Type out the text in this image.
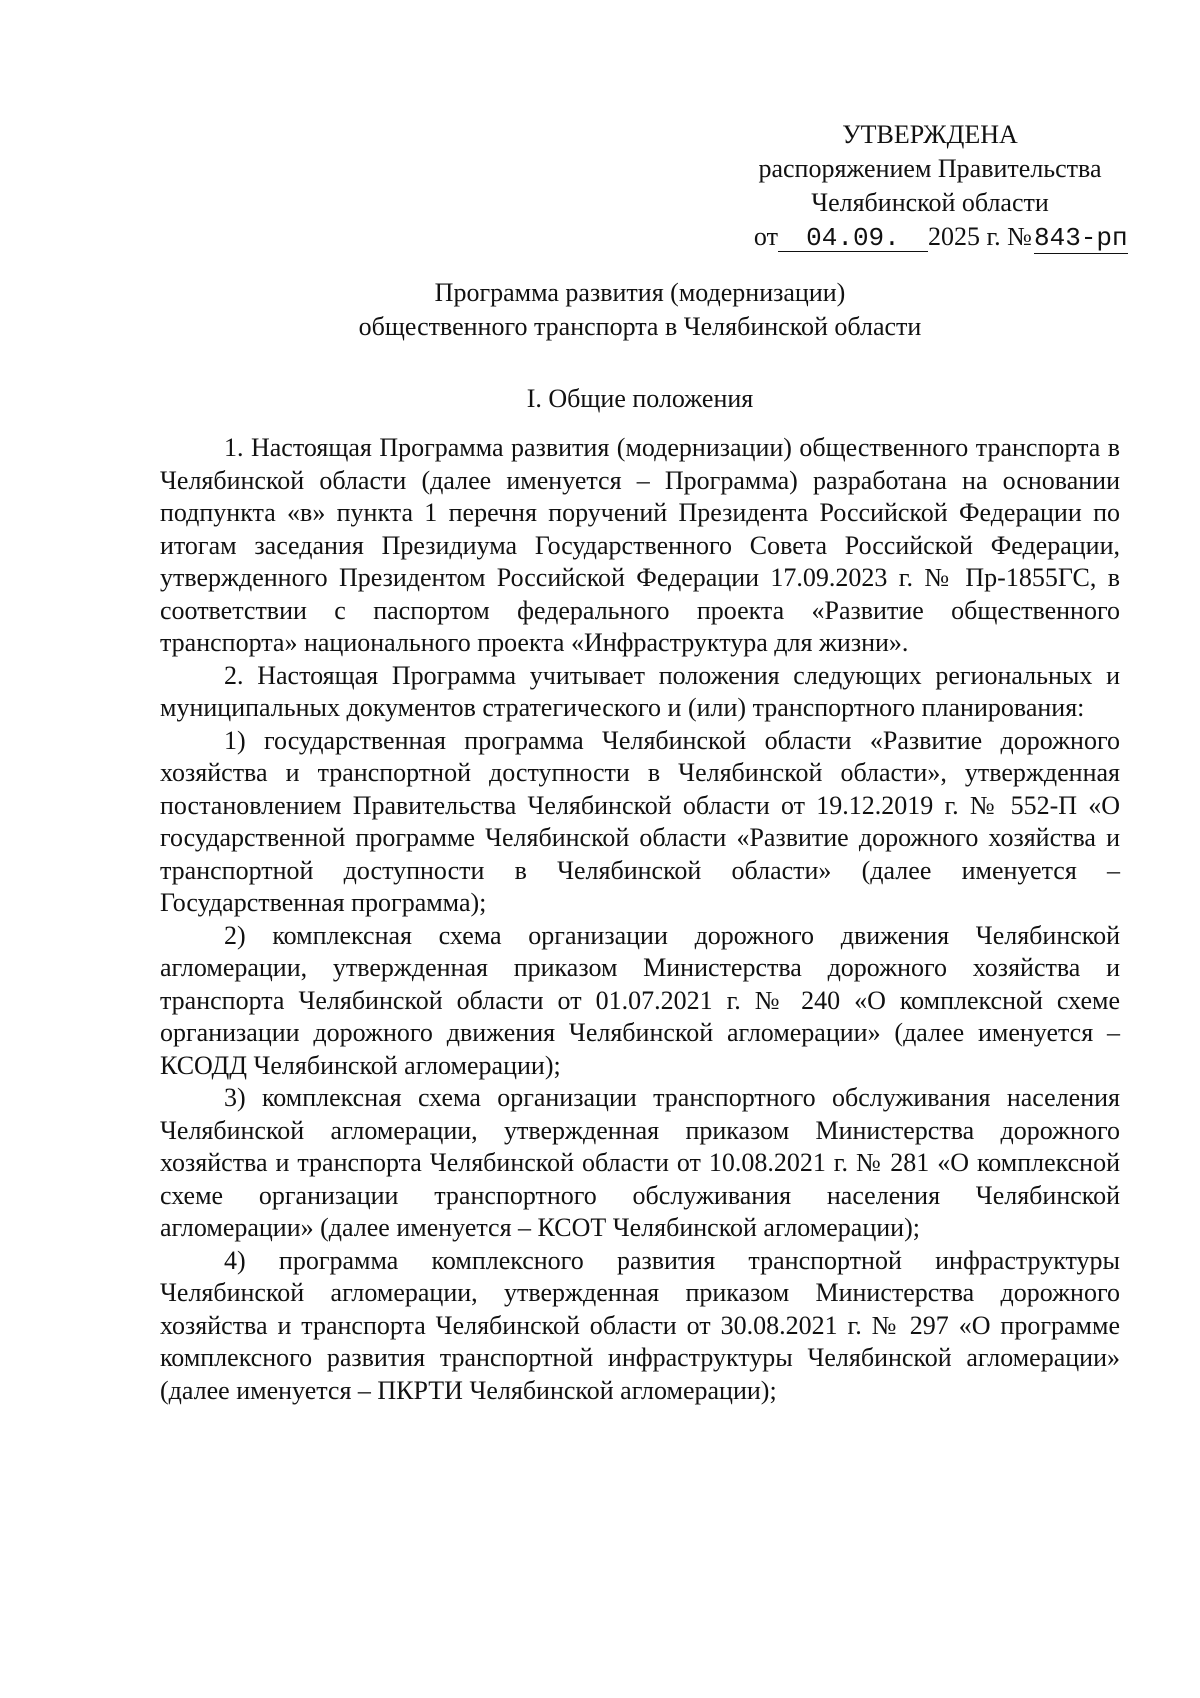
УТВЕРЖДЕНА
распоряжением Правительства
Челябинской области
от 04.09. 2025 г. №843-рп
Программа развития (модернизации)
общественного транспорта в Челябинской области
I. Общие положения

1. Настоящая Программа развития (модернизации) общественного транспорта в Челябинской области (далее именуется – Программа) разработана на основании подпункта «в» пункта 1 перечня поручений Президента Российской Федерации по итогам заседания Президиума Государственного Совета Российской Федерации, утвержденного Президентом Российской Федерации 17.09.2023 г. № Пр-1855ГС, в соответствии с паспортом федерального проекта «Развитие общественного транспорта» национального проекта «Инфраструктура для жизни».

2. Настоящая Программа учитывает положения следующих региональных и муниципальных документов стратегического и (или) транспортного планирования:

1) государственная программа Челябинской области «Развитие дорожного хозяйства и транспортной доступности в Челябинской области», утвержденная постановлением Правительства Челябинской области от 19.12.2019 г. № 552-П «О государственной программе Челябинской области «Развитие дорожного хозяйства и транспортной доступности в Челябинской области» (далее именуется – Государственная программа);

2) комплексная схема организации дорожного движения Челябинской агломерации, утвержденная приказом Министерства дорожного хозяйства и транспорта Челябинской области от 01.07.2021 г. № 240 «О комплексной схеме организации дорожного движения Челябинской агломерации» (далее именуется – КСОДД Челябинской агломерации);

3) комплексная схема организации транспортного обслуживания населения Челябинской агломерации, утвержденная приказом Министерства дорожного хозяйства и транспорта Челябинской области от 10.08.2021 г. № 281 «О комплексной схеме организации транспортного обслуживания населения Челябинской агломерации» (далее именуется – КСОТ Челябинской агломерации);

4) программа комплексного развития транспортной инфраструктуры Челябинской агломерации, утвержденная приказом Министерства дорожного хозяйства и транспорта Челябинской области от 30.08.2021 г. № 297 «О программе комплексного развития транспортной инфраструктуры Челябинской агломерации» (далее именуется – ПКРТИ Челябинской агломерации);
